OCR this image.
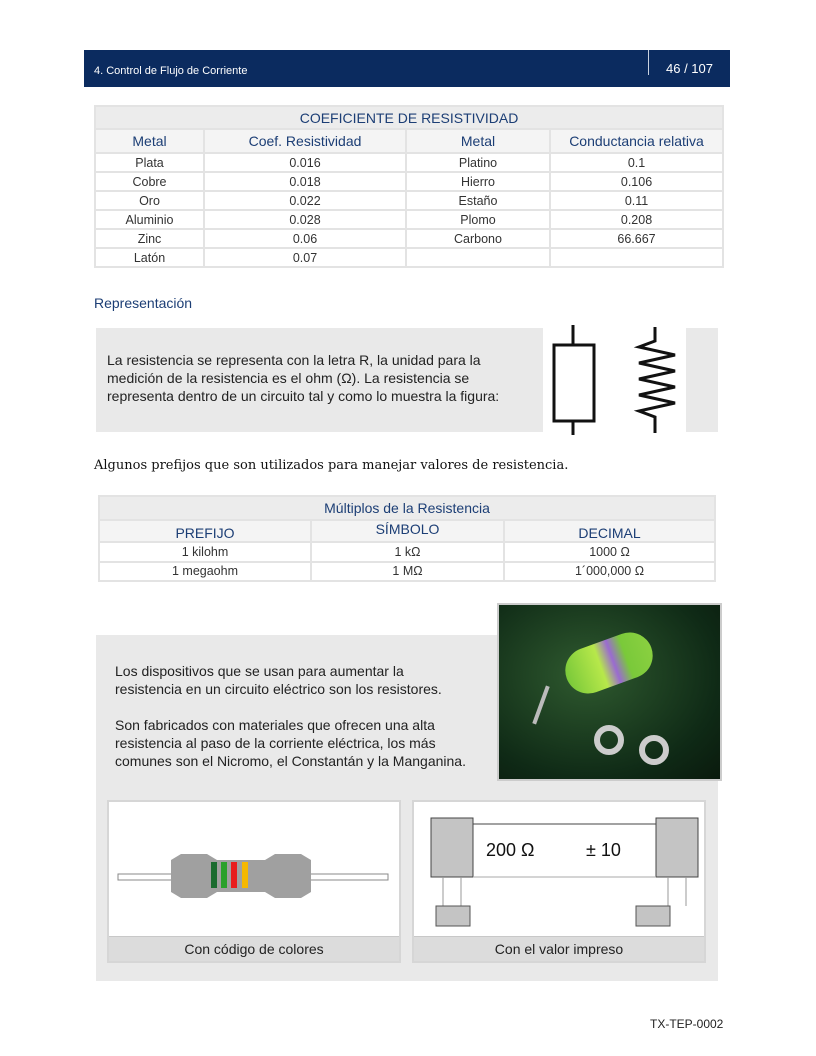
4. Control de Flujo de Corriente	46 / 107
COEFICIENTE DE RESISTIVIDAD			
Metal	Coef. Resistividad	Metal	Conductancia relativa
Plata	0.016	Platino	0.1
Cobre	0.018	Hierro	0.106
Oro	0.022	Estaño	0.11
Aluminio	0.028	Plomo	0.208
Zinc	0.06	Carbono	66.667
Latón	0.07		
Representación
La resistencia se representa con la letra R, la unidad para la
medición de la resistencia es el ohm (Ω). La resistencia se
representa dentro de un circuito tal y como lo muestra la figura:
Algunos prefijos que son utilizados para manejar valores de resistencia.
Múltiplos de la Resistencia		
PREFIJO	SÍMBOLO	DECIMAL
1 kilohm	1 kΩ	1000 Ω
1 megaohm	1 MΩ	1´000,000 Ω
Los dispositivos que se usan para aumentar la
resistencia en un circuito eléctrico son los resistores.
Son fabricados con materiales que ofrecen una alta
resistencia al paso de la corriente eléctrica, los más
comunes son el Nicromo, el Constantán y la Manganina.
Con código de colores
200 Ω	± 10
Con el valor impreso
TX-TEP-0002
